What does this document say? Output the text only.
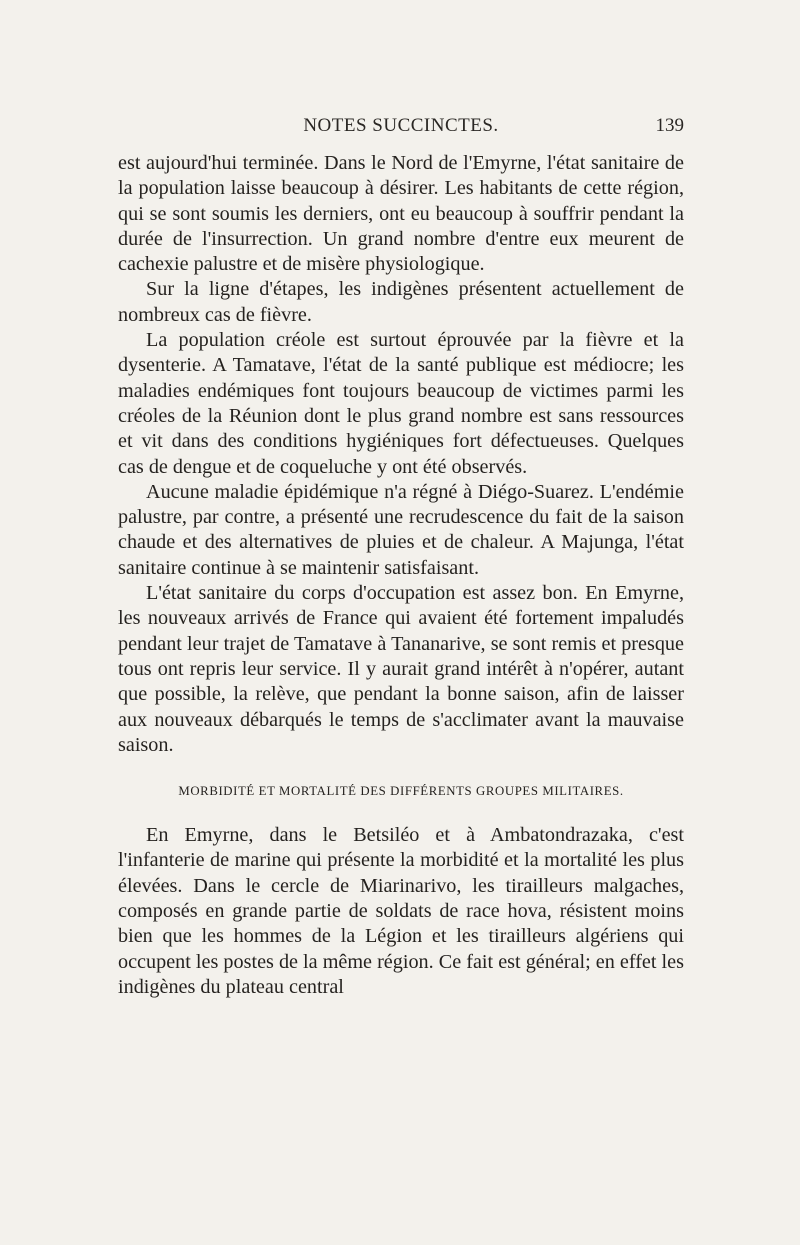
NOTES SUCCINCTES.	139

est aujourd'hui terminée. Dans le Nord de l'Emyrne, l'état sanitaire de la population laisse beaucoup à désirer. Les habitants de cette région, qui se sont soumis les derniers, ont eu beaucoup à souffrir pendant la durée de l'insurrection. Un grand nombre d'entre eux meurent de cachexie palustre et de misère physiologique.

Sur la ligne d'étapes, les indigènes présentent actuellement de nombreux cas de fièvre.

La population créole est surtout éprouvée par la fièvre et la dysenterie. A Tamatave, l'état de la santé publique est médiocre; les maladies endémiques font toujours beaucoup de victimes parmi les créoles de la Réunion dont le plus grand nombre est sans ressources et vit dans des conditions hygiéniques fort défectueuses. Quelques cas de dengue et de coqueluche y ont été observés.

Aucune maladie épidémique n'a régné à Diégo-Suarez. L'endémie palustre, par contre, a présenté une recrudescence du fait de la saison chaude et des alternatives de pluies et de chaleur. A Majunga, l'état sanitaire continue à se maintenir satisfaisant.

L'état sanitaire du corps d'occupation est assez bon. En Emyrne, les nouveaux arrivés de France qui avaient été fortement impaludés pendant leur trajet de Tamatave à Tananarive, se sont remis et presque tous ont repris leur service. Il y aurait grand intérêt à n'opérer, autant que possible, la relève, que pendant la bonne saison, afin de laisser aux nouveaux débarqués le temps de s'acclimater avant la mauvaise saison.

MORBIDITÉ ET MORTALITÉ DES DIFFÉRENTS GROUPES MILITAIRES.

En Emyrne, dans le Betsiléo et à Ambatondrazaka, c'est l'infanterie de marine qui présente la morbidité et la mortalité les plus élevées. Dans le cercle de Miarinarivo, les tirailleurs malgaches, composés en grande partie de soldats de race hova, résistent moins bien que les hommes de la Légion et les tirailleurs algériens qui occupent les postes de la même région. Ce fait est général; en effet les indigènes du plateau central
